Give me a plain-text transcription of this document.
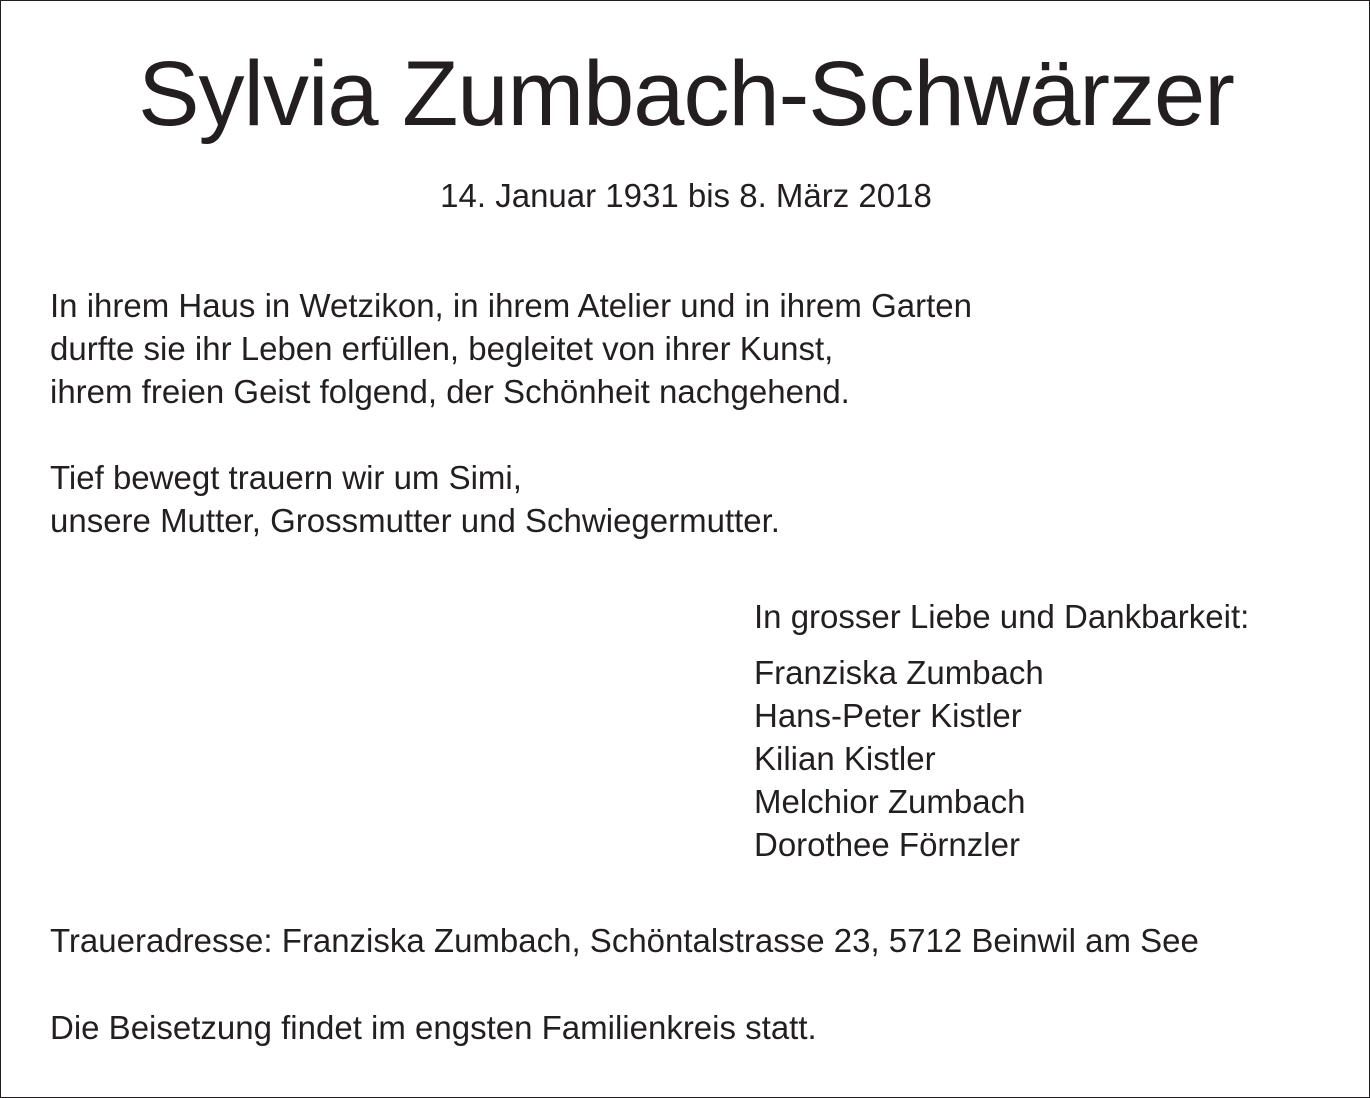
Sylvia Zumbach-Schwärzer
14. Januar 1931 bis 8. März 2018
In ihrem Haus in Wetzikon, in ihrem Atelier und in ihrem Garten
durfte sie ihr Leben erfüllen, begleitet von ihrer Kunst,
ihrem freien Geist folgend, der Schönheit nachgehend.
Tief bewegt trauern wir um Simi,
unsere Mutter, Grossmutter und Schwiegermutter.
In grosser Liebe und Dankbarkeit:
Franziska Zumbach
Hans-Peter Kistler
Kilian Kistler
Melchior Zumbach
Dorothee Förnzler
Traueradresse: Franziska Zumbach, Schöntalstrasse 23, 5712 Beinwil am See
Die Beisetzung findet im engsten Familienkreis statt.
